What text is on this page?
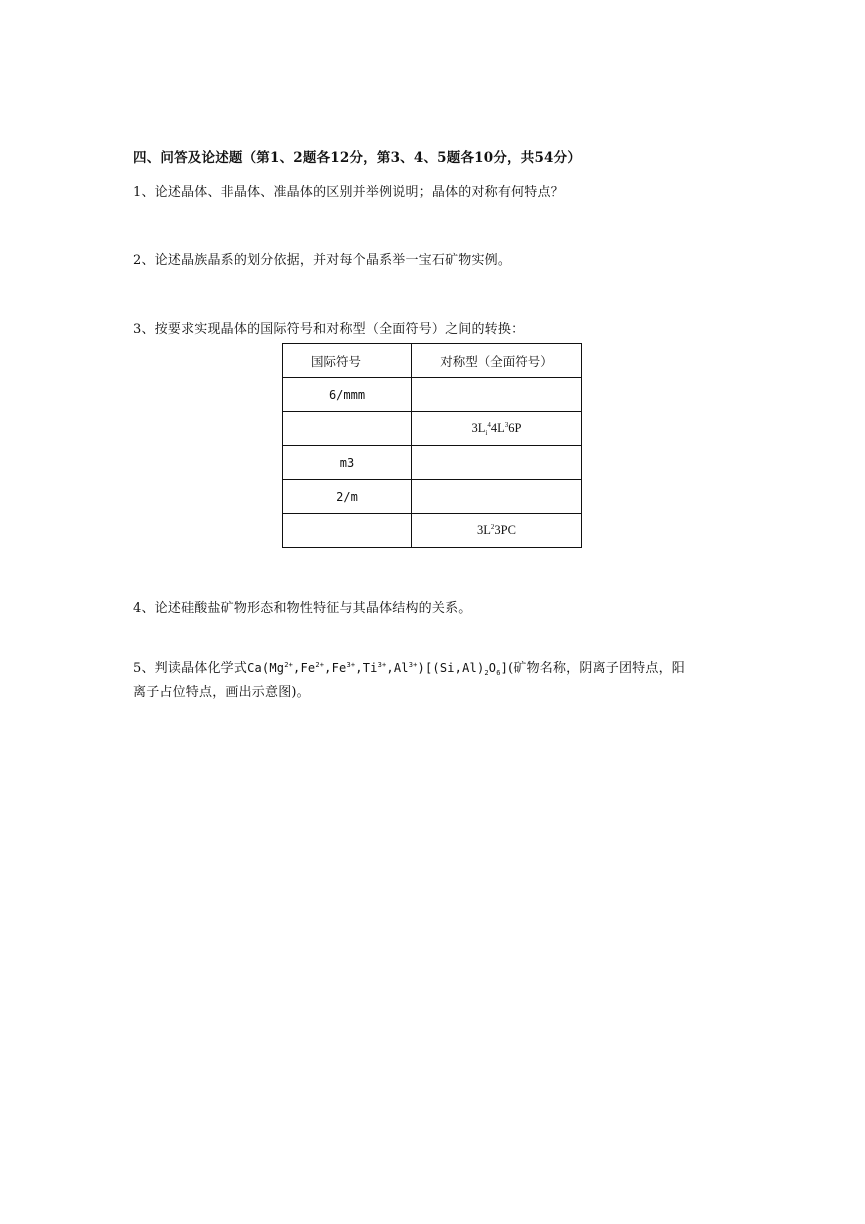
四、问答及论述题（第1、2题各12分，第3、4、5题各10分，共54分）
1、论述晶体、非晶体、准晶体的区别并举例说明；晶体的对称有何特点？
2、论述晶族晶系的划分依据，并对每个晶系举一宝石矿物实例。
3、按要求实现晶体的国际符号和对称型（全面符号）之间的转换：
国际符号	对称型（全面符号）
6/mmm	
	$3L_i^44L^36P$
m3	
2/m	
	$3L^23PC$
4、论述硅酸盐矿物形态和物性特征与其晶体结构的关系。
5、判读晶体化学式$Ca(Mg^{2+},Fe^{2+},Fe^{3+},Ti^{3+},Al^{3+})[(Si,Al)_2O_6]$(矿物名称，阴离子团特点，阳
离子占位特点，画出示意图)。
